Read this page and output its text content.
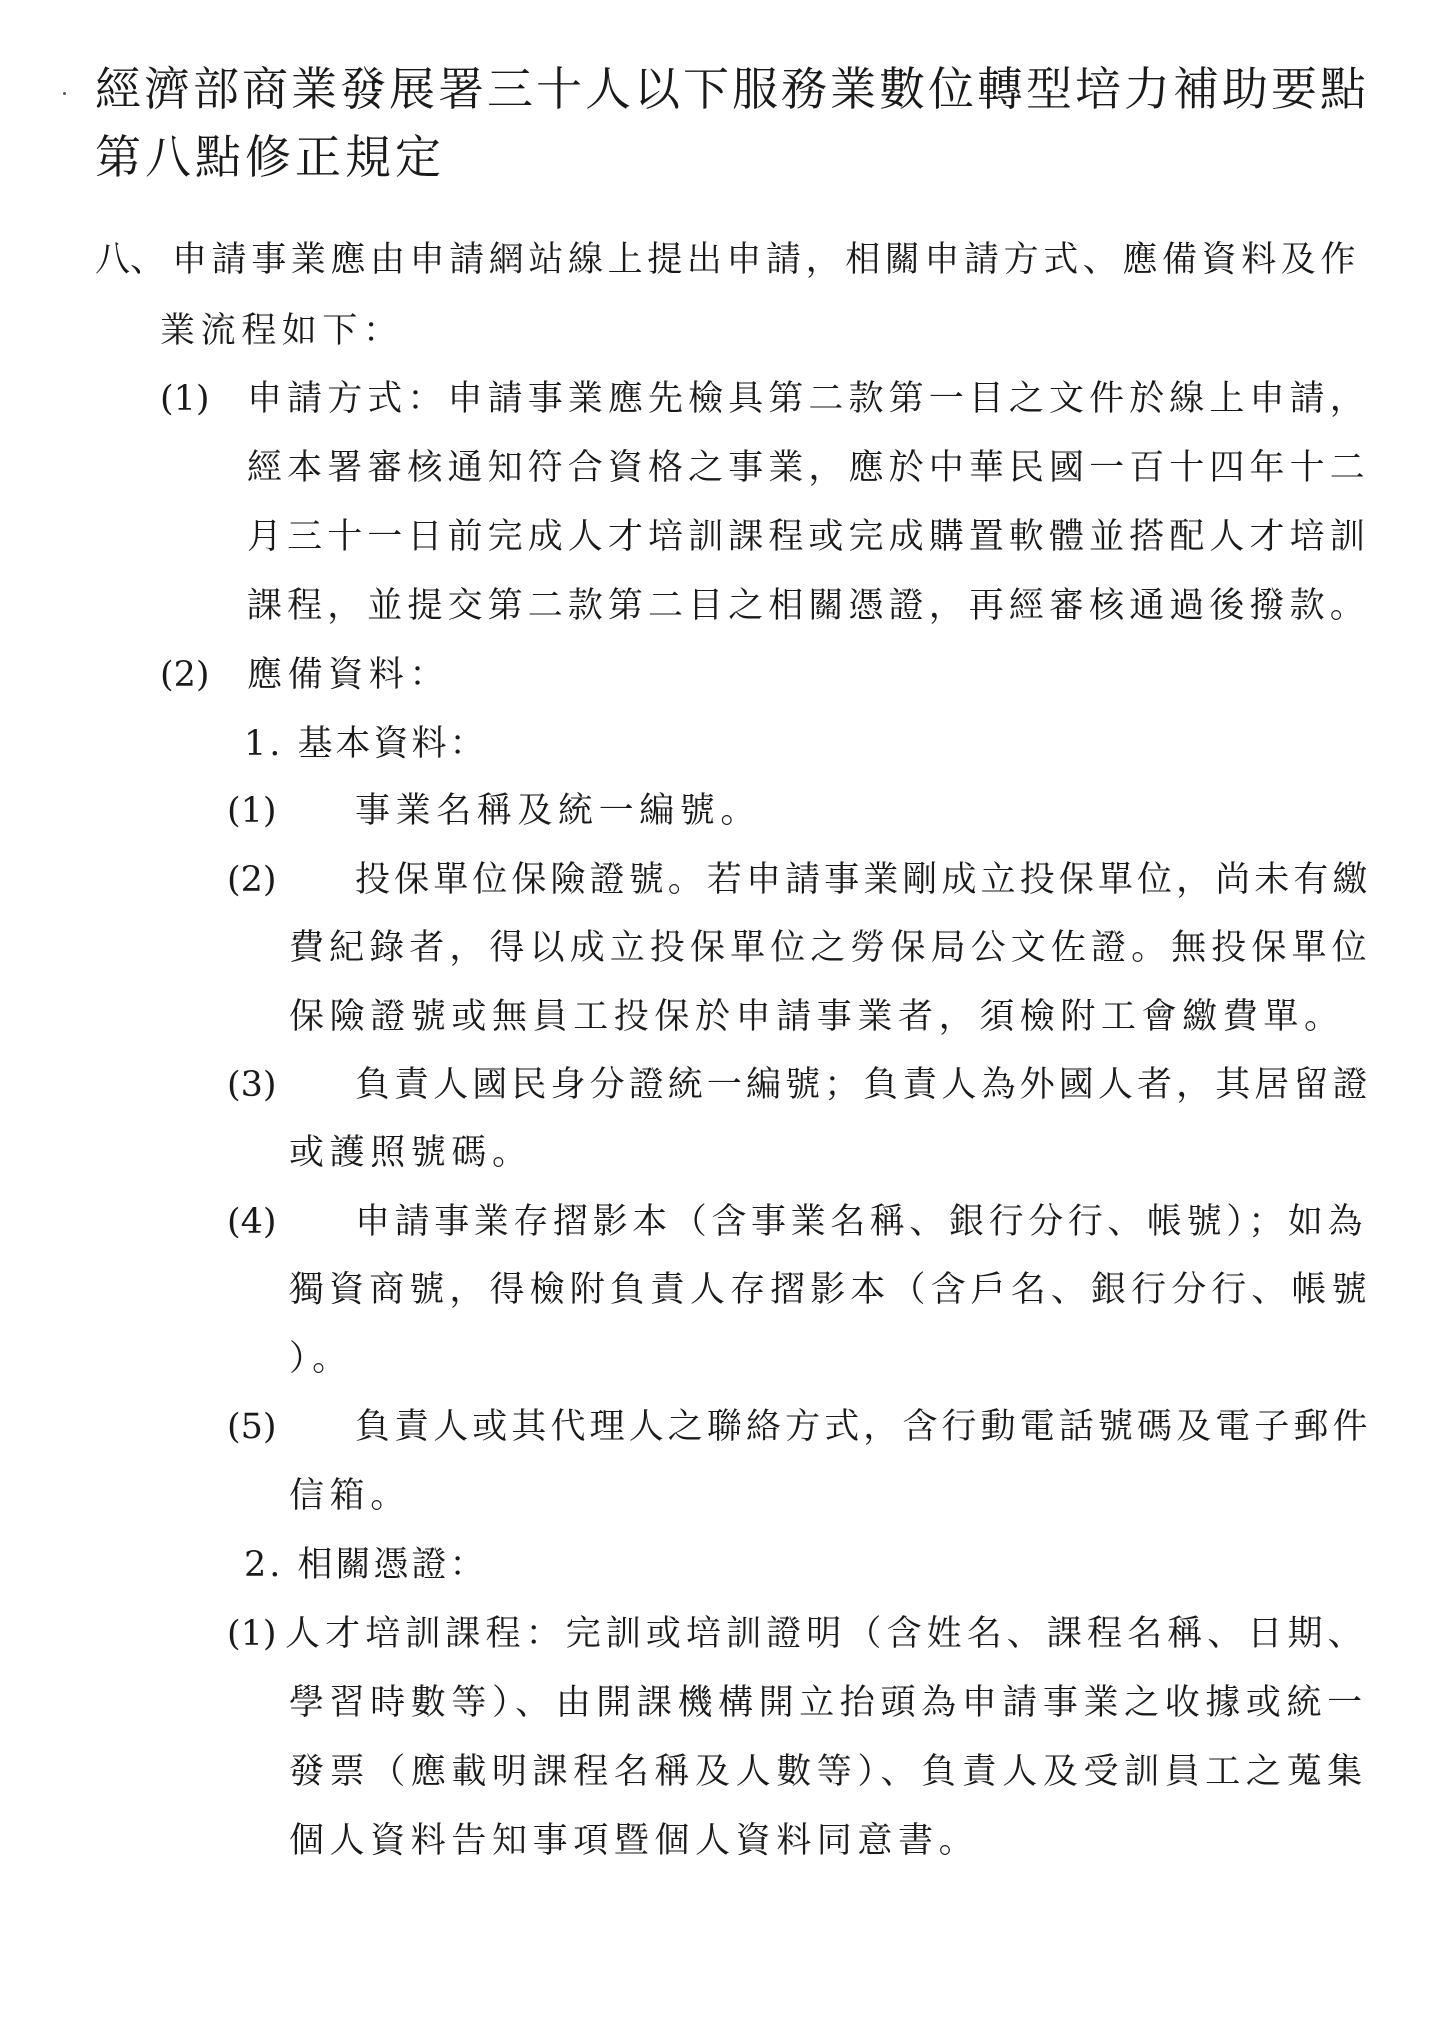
經濟部商業發展署三十人以下服務業數位轉型培力補助要點
第八點修正規定
八、 申請事業應由申請網站線上提出申請，相關申請方式、應備資料及作
業流程如下：
(1) 申請方式：申請事業應先檢具第二款第一目之文件於線上申請，
經本署審核通知符合資格之事業，應於中華民國一百十四年十二
月三十一日前完成人才培訓課程或完成購置軟體並搭配人才培訓
課程，並提交第二款第二目之相關憑證，再經審核通過後撥款。
(2) 應備資料：
1. 基本資料：
(1) 事業名稱及統一編號。
(2) 投保單位保險證號。若申請事業剛成立投保單位，尚未有繳
費紀錄者，得以成立投保單位之勞保局公文佐證。無投保單位
保險證號或無員工投保於申請事業者，須檢附工會繳費單。
(3) 負責人國民身分證統一編號；負責人為外國人者，其居留證
或護照號碼。
(4) 申請事業存摺影本（含事業名稱、銀行分行、帳號）；如為
獨資商號，得檢附負責人存摺影本（含戶名、銀行分行、帳號
）。
(5) 負責人或其代理人之聯絡方式，含行動電話號碼及電子郵件
信箱。
2. 相關憑證：
(1) 人才培訓課程：完訓或培訓證明（含姓名、課程名稱、日期、
學習時數等）、由開課機構開立抬頭為申請事業之收據或統一
發票（應載明課程名稱及人數等）、負責人及受訓員工之蒐集
個人資料告知事項暨個人資料同意書。
